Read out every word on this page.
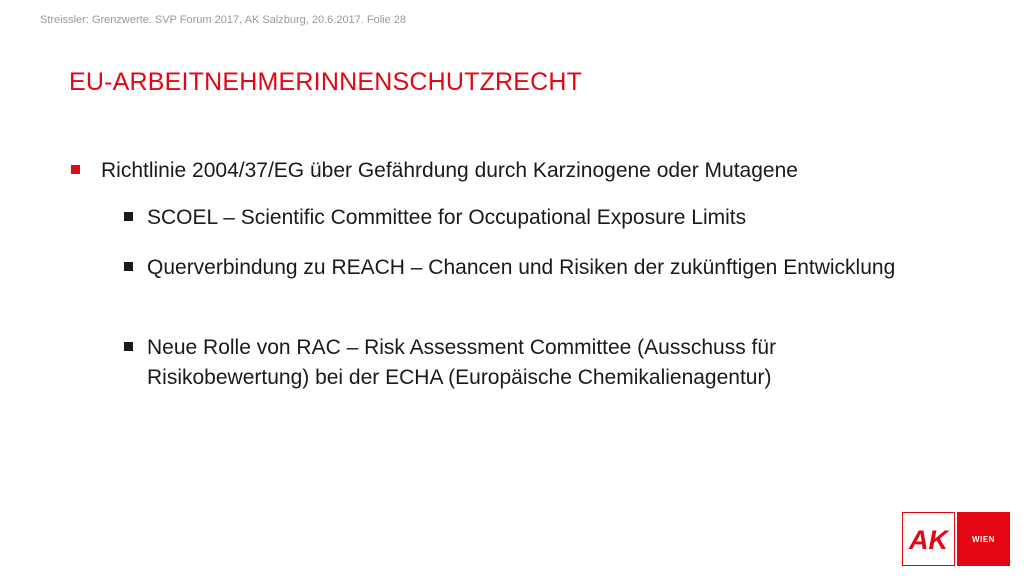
Streissler: Grenzwerte. SVP Forum 2017, AK Salzburg, 20.6.2017. Folie 28
EU-ARBEITNEHMERINNENSCHUTZRECHT
Richtlinie 2004/37/EG über Gefährdung durch Karzinogene oder Mutagene
SCOEL – Scientific Committee for Occupational Exposure Limits
Querverbindung zu REACH – Chancen und Risiken der zukünftigen Entwicklung
Neue Rolle von RAC – Risk Assessment Committee (Ausschuss für Risikobewertung) bei der ECHA (Europäische Chemikalienagentur)
AK	WIEN
